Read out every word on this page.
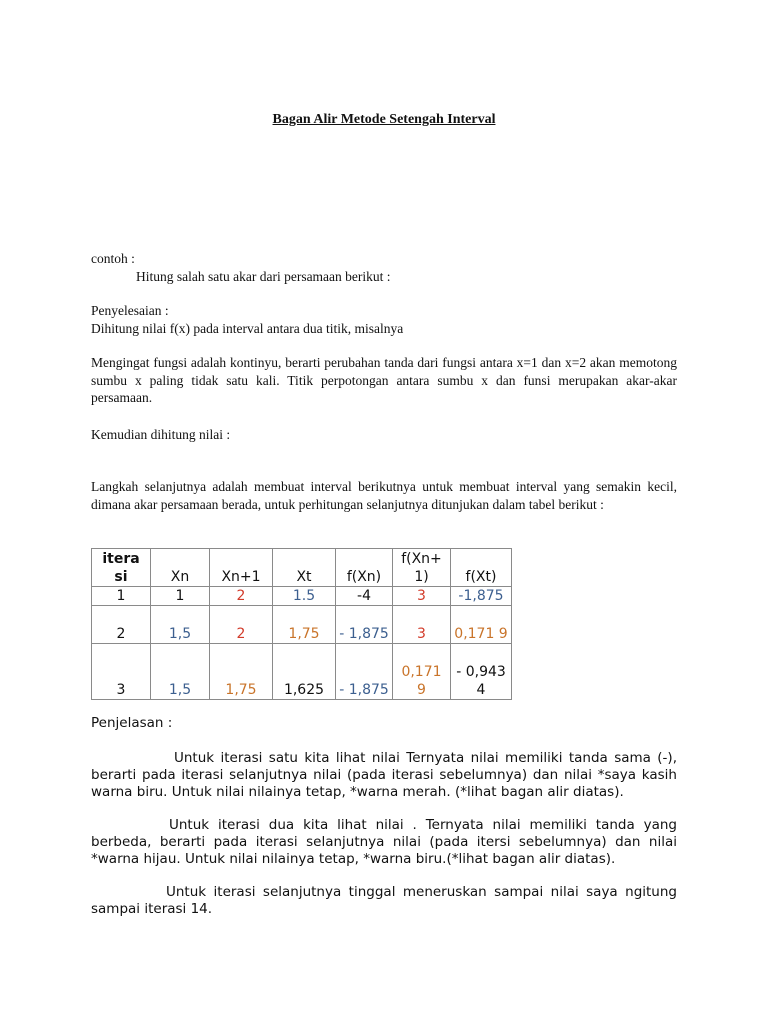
Bagan Alir Metode Setengah Interval
contoh :
Hitung salah satu akar dari persamaan berikut :
Penyelesaian :
Dihitung nilai f(x) pada interval antara dua titik, misalnya
Mengingat fungsi adalah kontinyu, berarti perubahan tanda dari fungsi antara x=1 dan x=2 akan memotong sumbu x paling tidak satu kali. Titik perpotongan antara sumbu x dan funsi merupakan akar-akar persamaan.
Kemudian dihitung nilai :
Langkah selanjutnya adalah membuat interval berikutnya untuk membuat interval yang semakin kecil, dimana akar persamaan berada, untuk perhitungan selanjutnya ditunjukan dalam tabel berikut :
itera si	Xn	Xn+1	Xt	f(Xn)	f(Xn+ 1)	f(Xt)
1	1	2	1.5	-4	3	-1,875
2	1,5	2	1,75	- 1,875	3	0,171 9
3	1,5	1,75	1,625	- 1,875	0,171 9	- 0,943 4
Penjelasan :
Untuk iterasi satu kita lihat nilai Ternyata nilai memiliki tanda sama (-), berarti pada iterasi selanjutnya nilai (pada iterasi sebelumnya) dan nilai *saya kasih warna biru. Untuk nilai nilainya tetap, *warna merah. (*lihat bagan alir diatas).
Untuk iterasi dua kita lihat nilai . Ternyata nilai memiliki tanda yang berbeda, berarti pada iterasi selanjutnya nilai (pada itersi sebelumnya) dan nilai *warna hijau. Untuk nilai nilainya tetap, *warna biru.(*lihat bagan alir diatas).
Untuk iterasi selanjutnya tinggal meneruskan sampai nilai saya ngitung sampai iterasi 14.
